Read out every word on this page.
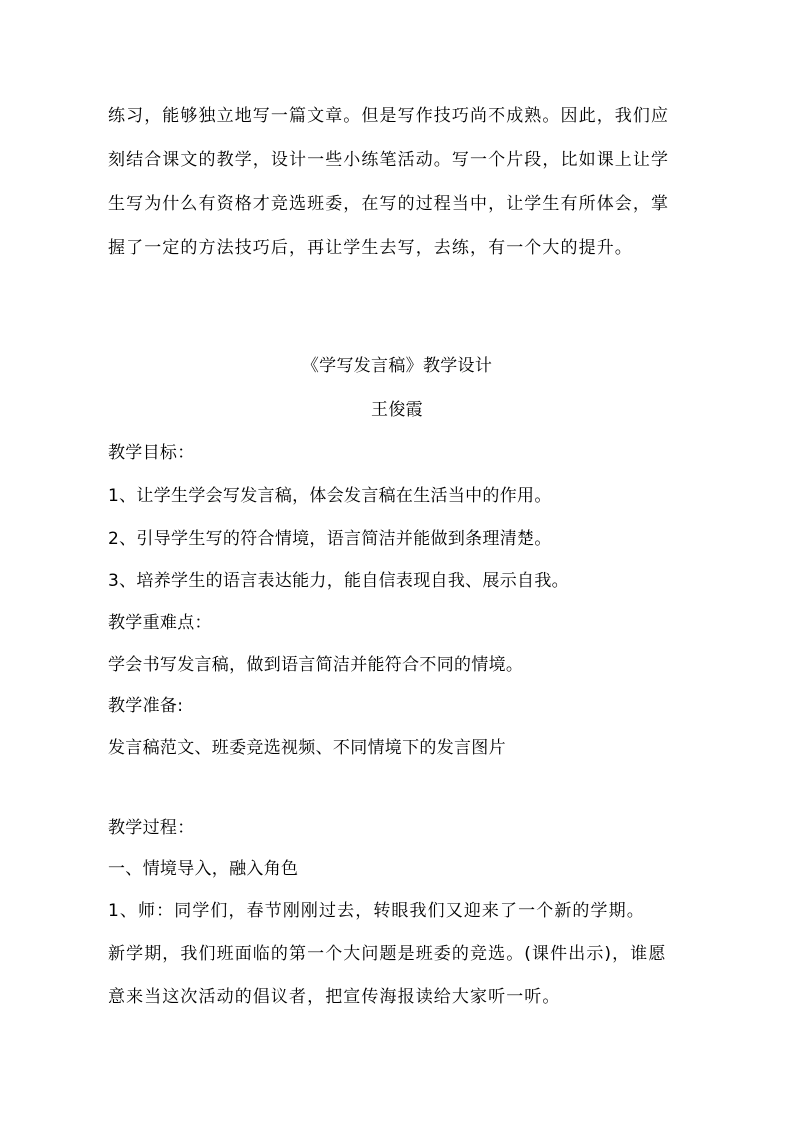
练习，能够独立地写一篇文章。但是写作技巧尚不成熟。因此，我们应
刻结合课文的教学，设计一些小练笔活动。写一个片段，比如课上让学
生写为什么有资格才竞选班委，在写的过程当中，让学生有所体会，掌
握了一定的方法技巧后，再让学生去写，去练，有一个大的提升。
《学写发言稿》教学设计
王俊霞
教学目标：
1、让学生学会写发言稿，体会发言稿在生活当中的作用。
2、引导学生写的符合情境，语言简洁并能做到条理清楚。
3、培养学生的语言表达能力，能自信表现自我、展示自我。
教学重难点：
学会书写发言稿，做到语言简洁并能符合不同的情境。
教学准备:
发言稿范文、班委竞选视频、不同情境下的发言图片
教学过程：
一、情境导入，融入角色
1、师：同学们，春节刚刚过去，转眼我们又迎来了一个新的学期。
新学期，我们班面临的第一个大问题是班委的竞选。(课件出示)，谁愿
意来当这次活动的倡议者，把宣传海报读给大家听一听。
